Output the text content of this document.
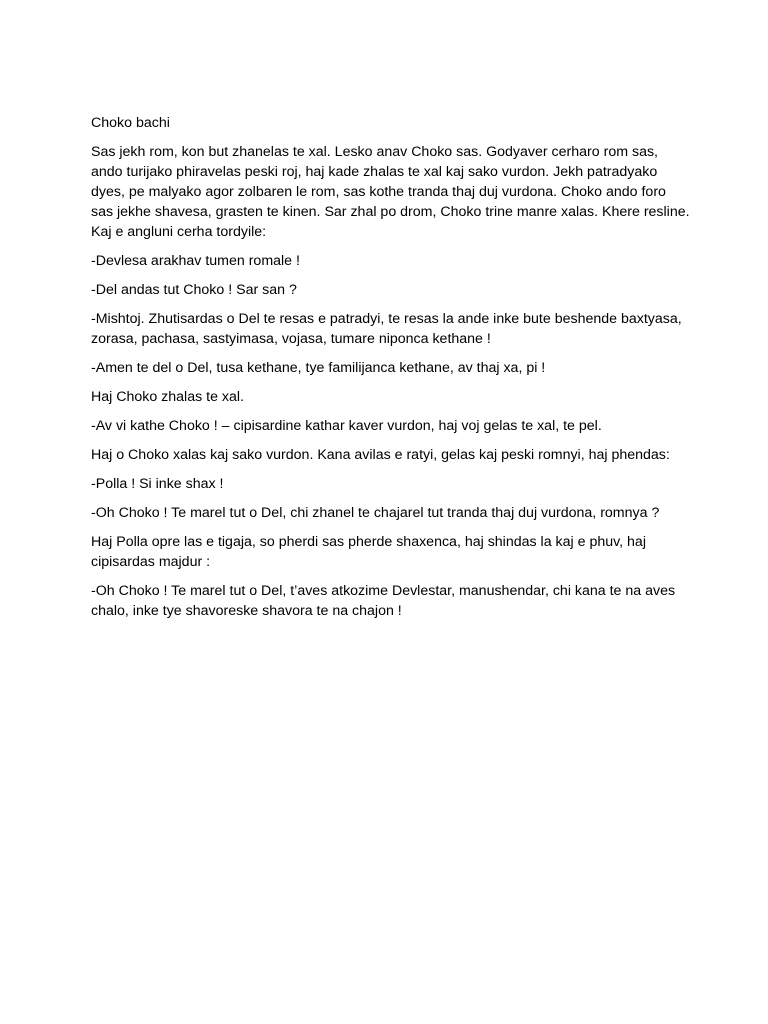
Choko bachi

Sas jekh rom, kon but zhanelas te xal. Lesko anav Choko sas. Godyaver cerharo rom sas, ando turijako phiravelas peski roj, haj kade zhalas te xal kaj sako vurdon. Jekh patradyako dyes, pe malyako agor zolbaren le rom, sas kothe tranda thaj duj vurdona. Choko ando foro sas jekhe shavesa, grasten te kinen. Sar zhal po drom, Choko trine manre xalas. Khere resline. Kaj e angluni cerha tordyile:

-Devlesa arakhav tumen romale !

-Del andas tut Choko ! Sar san ?

-Mishtoj. Zhutisardas o Del te resas e patradyi, te resas la ande inke bute beshende baxtyasa, zorasa, pachasa, sastyimasa, vojasa, tumare niponca kethane !

-Amen te del o Del, tusa kethane, tye familijanca kethane, av thaj xa, pi !

Haj Choko zhalas te xal.

-Av vi kathe Choko ! – cipisardine kathar kaver vurdon, haj voj gelas te xal, te pel.

Haj o Choko xalas kaj sako vurdon. Kana avilas e ratyi, gelas kaj peski romnyi, haj phendas:

-Polla ! Si inke shax !

-Oh Choko ! Te marel tut o Del, chi zhanel te chajarel tut tranda thaj duj vurdona, romnya ?

Haj Polla opre las e tigaja, so pherdi sas pherde shaxenca, haj shindas la kaj e phuv, haj cipisardas majdur :

-Oh Choko ! Te marel tut o Del, t’aves atkozime Devlestar, manushendar, chi kana te na aves chalo, inke tye shavoreske shavora te na chajon !
